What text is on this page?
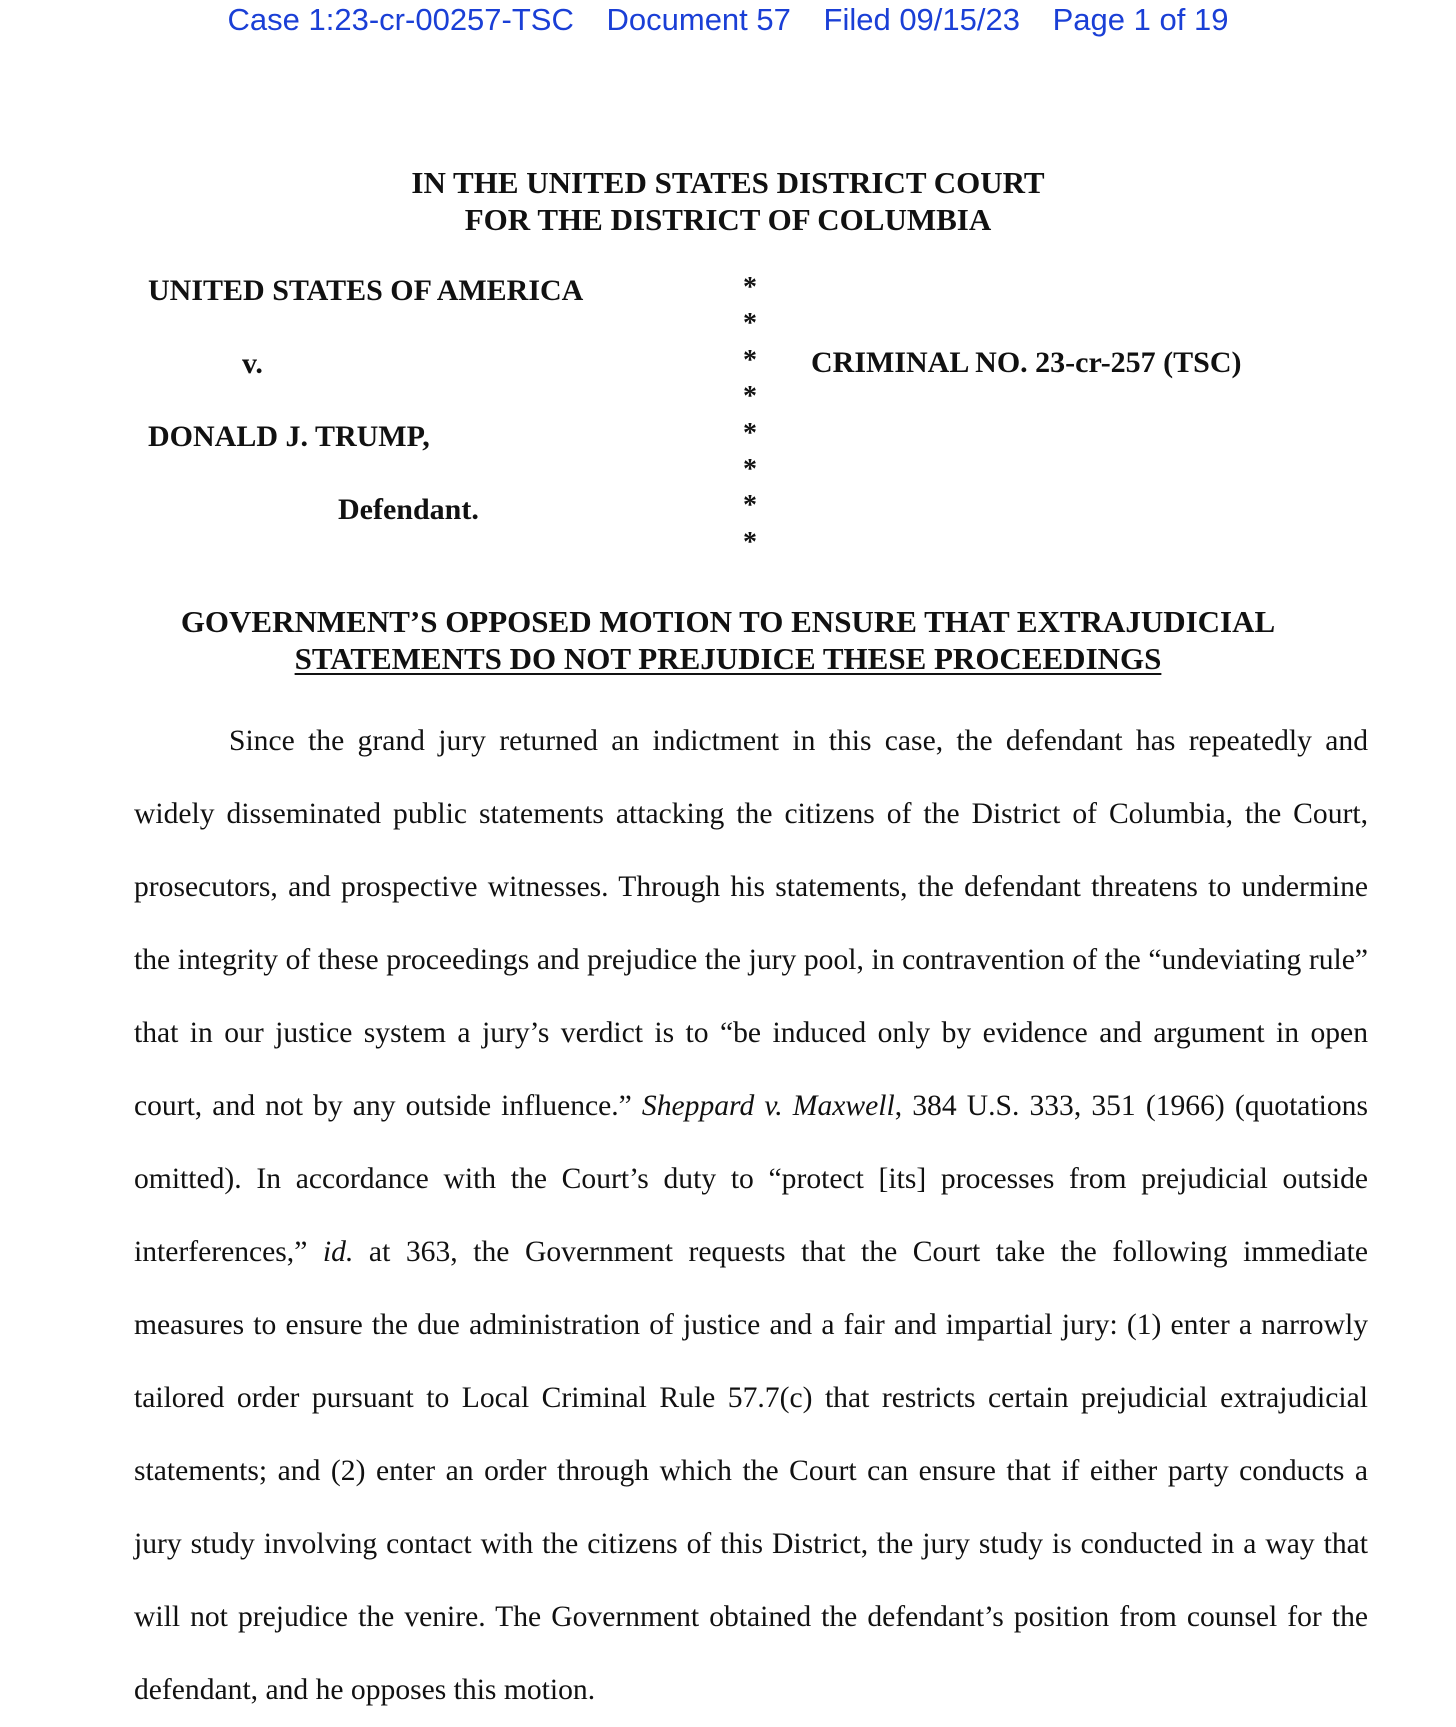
Case 1:23-cr-00257-TSC Document 57 Filed 09/15/23 Page 1 of 19
IN THE UNITED STATES DISTRICT COURT
FOR THE DISTRICT OF COLUMBIA
UNITED STATES OF AMERICA
v.
DONALD J. TRUMP,
Defendant.
*
*
*
*
*
*
*
*
CRIMINAL NO. 23-cr-257 (TSC)
GOVERNMENT’S OPPOSED MOTION TO ENSURE THAT EXTRAJUDICIAL
STATEMENTS DO NOT PREJUDICE THESE PROCEEDINGS

Since the grand jury returned an indictment in this case, the defendant has repeatedly and widely disseminated public statements attacking the citizens of the District of Columbia, the Court, prosecutors, and prospective witnesses. Through his statements, the defendant threatens to undermine the integrity of these proceedings and prejudice the jury pool, in contravention of the “undeviating rule” that in our justice system a jury’s verdict is to “be induced only by evidence and argument in open court, and not by any outside influence.” Sheppard v. Maxwell, 384 U.S. 333, 351 (1966) (quotations omitted). In accordance with the Court’s duty to “protect [its] processes from prejudicial outside interferences,” id. at 363, the Government requests that the Court take the following immediate measures to ensure the due administration of justice and a fair and impartial jury: (1) enter a narrowly tailored order pursuant to Local Criminal Rule 57.7(c) that restricts certain prejudicial extrajudicial statements; and (2) enter an order through which the Court can ensure that if either party conducts a jury study involving contact with the citizens of this District, the jury study is conducted in a way that will not prejudice the venire. The Government obtained the defendant’s position from counsel for the defendant, and he opposes this motion.
